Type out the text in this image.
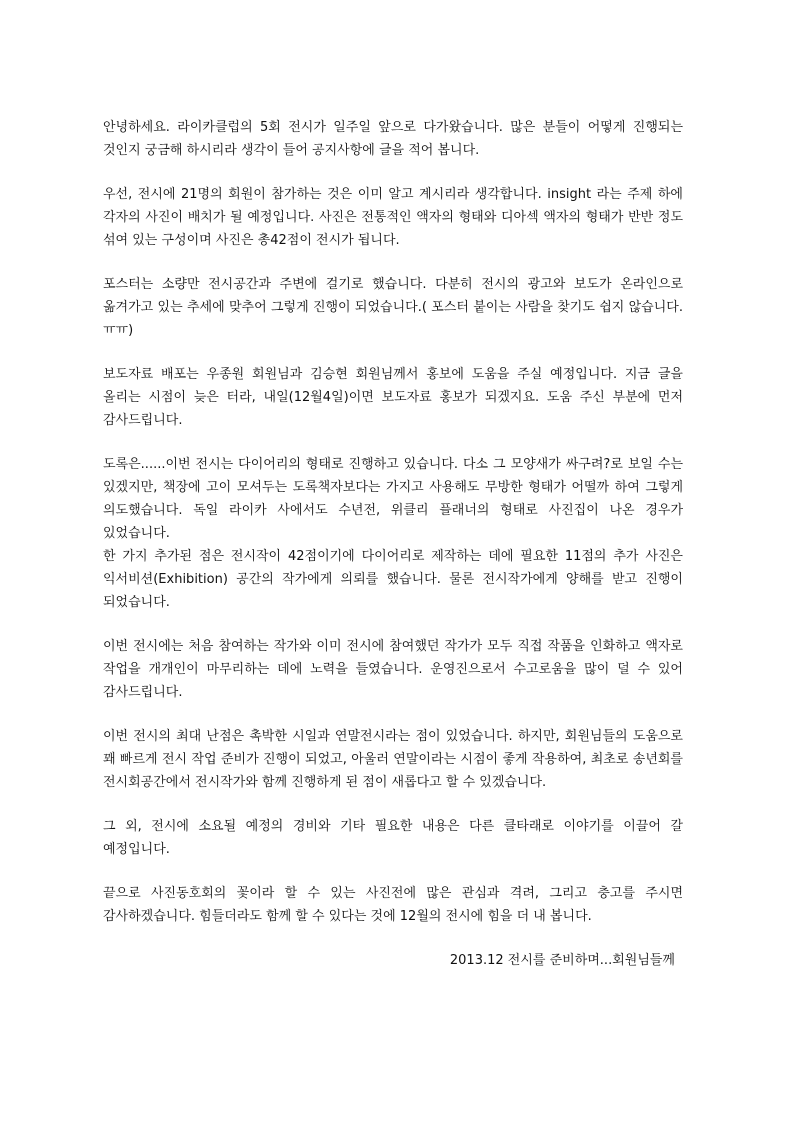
안녕하세요. 라이카클럽의 5회 전시가 일주일 앞으로 다가왔습니다. 많은 분들이 어떻게 진행되는 것인지 궁금해 하시리라 생각이 들어 공지사항에 글을 적어 봅니다.

우선, 전시에 21명의 회원이 참가하는 것은 이미 알고 계시리라 생각합니다. insight 라는 주제 하에 각자의 사진이 배치가 될 예정입니다. 사진은 전통적인 액자의 형태와 디아섹 액자의 형태가 반반 정도 섞여 있는 구성이며 사진은 총42점이 전시가 됩니다.

포스터는 소량만 전시공간과 주변에 걸기로 했습니다. 다분히 전시의 광고와 보도가 온라인으로 옮겨가고 있는 추세에 맞추어 그렇게 진행이 되었습니다.( 포스터 붙이는 사람을 찾기도 쉽지 않습니다.ㅠㅠ)

보도자료 배포는 우종원 회원님과 김승현 회원님께서 홍보에 도움을 주실 예정입니다. 지금 글을 올리는 시점이 늦은 터라, 내일(12월4일)이면 보도자료 홍보가 되겠지요. 도움 주신 부분에 먼저 감사드립니다.

도록은......이번 전시는 다이어리의 형태로 진행하고 있습니다. 다소 그 모양새가 싸구려?로 보일 수는 있겠지만, 책장에 고이 모셔두는 도록책자보다는 가지고 사용해도 무방한 형태가 어떨까 하여 그렇게 의도했습니다. 독일 라이카 사에서도 수년전, 위클리 플래너의 형태로 사진집이 나온 경우가 있었습니다.

한 가지 추가된 점은 전시작이 42점이기에 다이어리로 제작하는 데에 필요한 11점의 추가 사진은 익서비션(Exhibition) 공간의 작가에게 의뢰를 했습니다. 물론 전시작가에게 양해를 받고 진행이 되었습니다.

이번 전시에는 처음 참여하는 작가와 이미 전시에 참여했던 작가가 모두 직접 작품을 인화하고 액자로 작업을 개개인이 마무리하는 데에 노력을 들였습니다. 운영진으로서 수고로움을 많이 덜 수 있어 감사드립니다.

이번 전시의 최대 난점은 촉박한 시일과 연말전시라는 점이 있었습니다. 하지만, 회원님들의 도움으로 꽤 빠르게 전시 작업 준비가 진행이 되었고, 아울러 연말이라는 시점이 좋게 작용하여, 최초로 송년회를 전시회공간에서 전시작가와 함께 진행하게 된 점이 새롭다고 할 수 있겠습니다.

그 외, 전시에 소요될 예정의 경비와 기타 필요한 내용은 다른 클타래로 이야기를 이끌어 갈 예정입니다.

끝으로 사진동호회의 꽃이라 할 수 있는 사진전에 많은 관심과 격려, 그리고 충고를 주시면 감사하겠습니다. 힘들더라도 함께 할 수 있다는 것에 12월의 전시에 힘을 더 내 봅니다.

2013.12 전시를 준비하며...회원님들께
